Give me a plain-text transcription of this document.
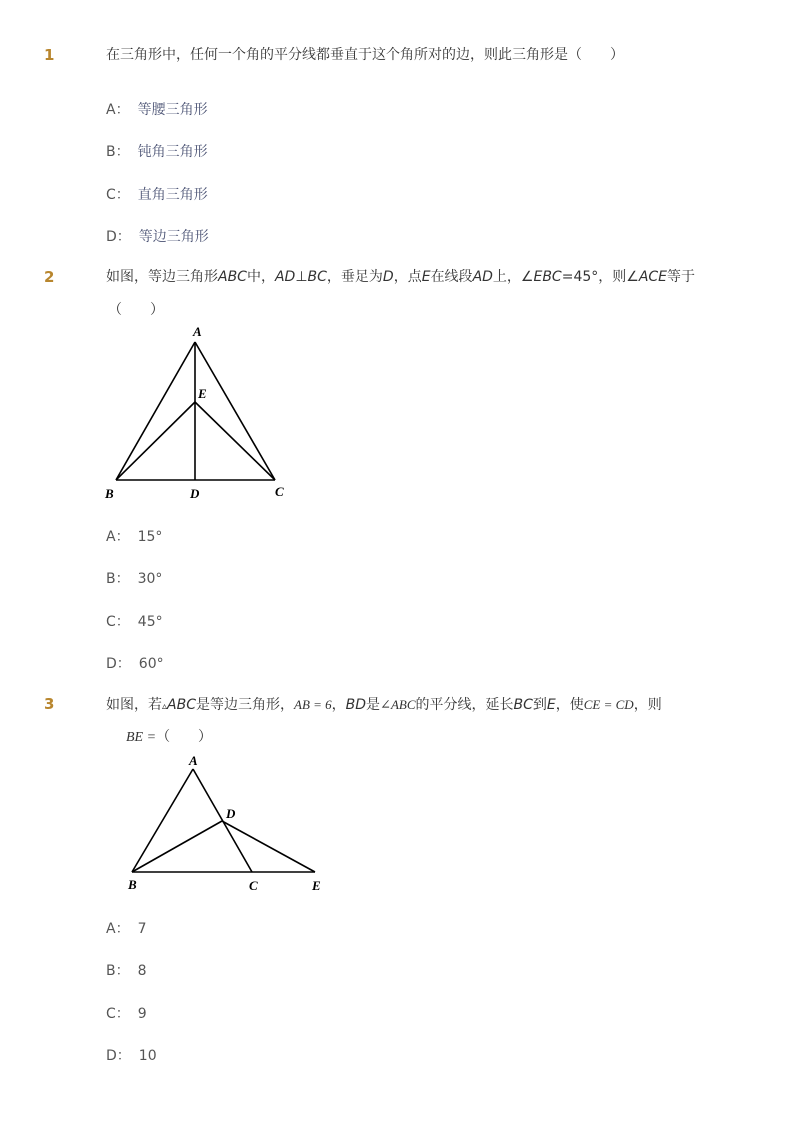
1	在三角形中，任何一个角的平分线都垂直于这个角所对的边，则此三角形是（　　）
A： 等腰三角形
B： 钝角三角形
C： 直角三角形
D： 等边三角形
2	如图，等边三角形ABC中，AD⊥BC，垂足为D，点E在线段AD上，∠EBC=45°，则∠ACE等于
（　　）
A
E
B	D	C
A： 15°
B： 30°
C： 45°
D： 60°
3	如图，若▵ABC是等边三角形，AB = 6，BD是∠ABC的平分线，延长BC到E，使CE = CD，则
BE =（　　）
A
D
B	C	E
A： 7
B： 8
C： 9
D： 10
